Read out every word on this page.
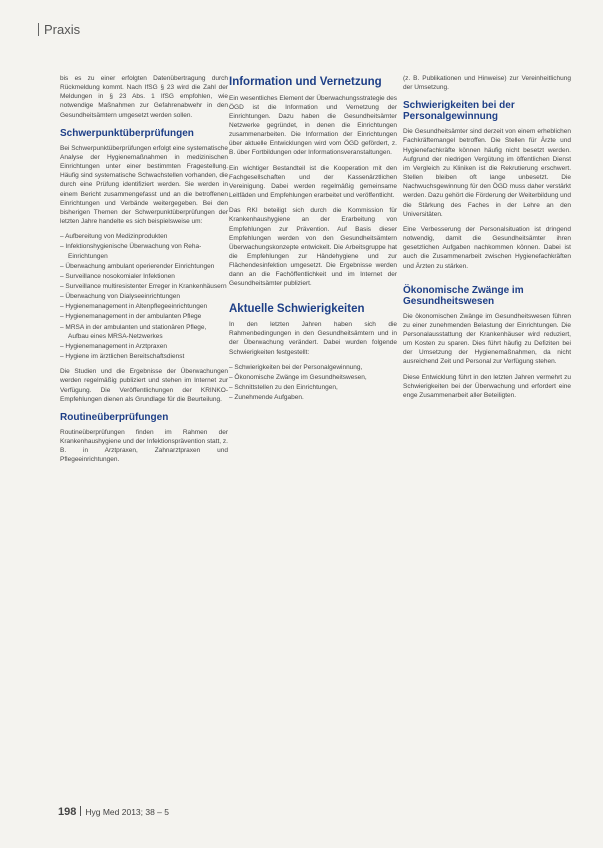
Praxis

bis es zu einer erfolgten Datenübertragung durch Rückmeldung kommt. Nach IfSG § 23 wird die Zahl der Meldungen in § 23 Abs. 1 IfSG empfohlen, wie notwendige Maßnahmen zur Gefahrenabwehr in den Gesundheitsämtern umgesetzt werden sollen.

Schwerpunktüberprüfungen

Bei Schwerpunktüberprüfungen erfolgt eine systematische Analyse der Hygienemaßnahmen in medizinischen Einrichtungen unter einer bestimmten Fragestellung. Häufig sind systematische Schwachstellen vorhanden, die durch eine Prüfung identifiziert werden. Sie werden in einem Bericht zusammengefasst und an die betroffenen Einrichtungen und Verbände weitergegeben. Bei den bisherigen Themen der Schwerpunktüberprüfungen der letzten Jahre handelte es sich beispielsweise um:

– Aufbereitung von Medizinprodukten
– Infektionshygienische Überwachung von Reha-Einrichtungen
– Überwachung ambulant operierender Einrichtungen
– Surveillance nosokomialer Infektionen
– Surveillance multiresistenter Erreger in Krankenhäusern
– Überwachung von Dialyseeinrichtungen
– Hygienemanagement in Altenpflegeeinrichtungen
– Hygienemanagement in der ambulanten Pflege
– MRSA in der ambulanten und stationären Pflege, Aufbau eines MRSA-Netzwerkes
– Hygienemanagement in Arztpraxen
– Hygiene im ärztlichen Bereitschaftsdienst

Die Studien und die Ergebnisse der Überwachungen werden regelmäßig publiziert und stehen im Internet zur Verfügung. Die Veröffentlichungen der KRINKO-Empfehlungen dienen als Grundlage für die Beurteilung.

Routineüberprüfungen

Routineüberprüfungen finden im Rahmen der Krankenhaushygiene und der Infektionsprävention statt, z. B. in Arztpraxen, Zahnarztpraxen und Pflegeeinrichtungen.

Information und Vernetzung

Ein wesentliches Element der Überwachungsstrategie des ÖGD ist die Information und Vernetzung der Einrichtungen. Dazu haben die Gesundheitsämter Netzwerke gegründet, in denen die Einrichtungen zusammenarbeiten. Die Information der Einrichtungen über aktuelle Entwicklungen wird vom ÖGD gefördert, z. B. über Fortbildungen oder Informationsveranstaltungen.

Ein wichtiger Bestandteil ist die Kooperation mit den Fachgesellschaften und der Kassenärztlichen Vereinigung. Dabei werden regelmäßig gemeinsame Leitfäden und Empfehlungen erarbeitet und veröffentlicht.

Das RKI beteiligt sich durch die Kommission für Krankenhaushygiene an der Erarbeitung von Empfehlungen zur Prävention. Auf Basis dieser Empfehlungen werden von den Gesundheitsämtern Überwachungskonzepte entwickelt. Die Arbeitsgruppe hat die Empfehlungen zur Händehygiene und zur Flächendesinfektion umgesetzt. Die Ergebnisse werden dann an die Fachöffentlichkeit und im Internet der Gesundheitsämter publiziert.

Aktuelle Schwierigkeiten

In den letzten Jahren haben sich die Rahmenbedingungen in den Gesundheitsämtern und in der Überwachung verändert. Dabei wurden folgende Schwierigkeiten festgestellt:

– Schwierigkeiten bei der Personalgewinnung,
– Ökonomische Zwänge im Gesundheitswesen,
– Schnittstellen zu den Einrichtungen,
– Zunehmende Aufgaben.

(z. B. Publikationen und Hinweise) zur Vereinheitlichung der Umsetzung.

Schwierigkeiten bei der Personalgewinnung

Die Gesundheitsämter sind derzeit von einem erheblichen Fachkräftemangel betroffen. Die Stellen für Ärzte und Hygienefachkräfte können häufig nicht besetzt werden. Aufgrund der niedrigen Vergütung im öffentlichen Dienst im Vergleich zu Kliniken ist die Rekrutierung erschwert. Stellen bleiben oft lange unbesetzt. Die Nachwuchsgewinnung für den ÖGD muss daher verstärkt werden. Dazu gehört die Förderung der Weiterbildung und die Stärkung des Faches in der Lehre an den Universitäten.

Eine Verbesserung der Personalsituation ist dringend notwendig, damit die Gesundheitsämter ihren gesetzlichen Aufgaben nachkommen können. Dabei ist auch die Zusammenarbeit zwischen Hygienefachkräften und Ärzten zu stärken.

Ökonomische Zwänge im Gesundheitswesen

Die ökonomischen Zwänge im Gesundheitswesen führen zu einer zunehmenden Belastung der Einrichtungen. Die Personalausstattung der Krankenhäuser wird reduziert, um Kosten zu sparen. Dies führt häufig zu Defiziten bei der Umsetzung der Hygienemaßnahmen, da nicht ausreichend Zeit und Personal zur Verfügung stehen.

Diese Entwicklung führt in den letzten Jahren vermehrt zu Schwierigkeiten bei der Überwachung und erfordert eine enge Zusammenarbeit aller Beteiligten.

198 Hyg Med 2013; 38 – 5
